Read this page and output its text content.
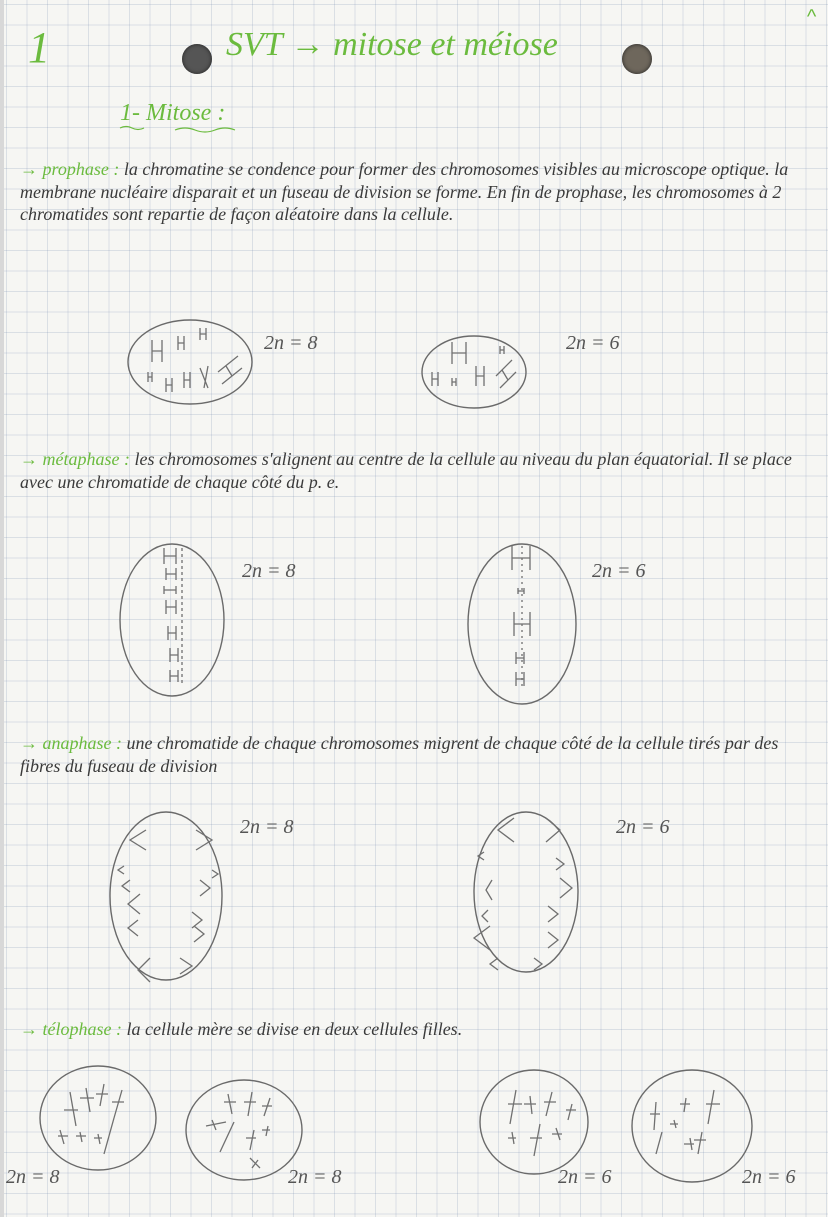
1	SVT → mitose et méiose
^
1- Mitose :
→ prophase : la chromatine se condence pour former des chromosomes visibles au microscope optique. la membrane nucléaire disparait et un fuseau de division se forme. En fin de prophase, les chromosomes à 2 chromatides sont repartie de façon aléatoire dans la cellule.
2n = 8	2n = 6
→ métaphase : les chromosomes s'alignent au centre de la cellule au niveau du plan équatorial. Il se place avec une chromatide de chaque côté du p. e.
2n = 8	2n = 6
→ anaphase : une chromatide de chaque chromosomes migrent de chaque côté de la cellule tirés par des fibres du fuseau de division
2n = 8	2n = 6
→ télophase : la cellule mère se divise en deux cellules filles.
2n = 8	2n = 8	2n = 6	2n = 6
